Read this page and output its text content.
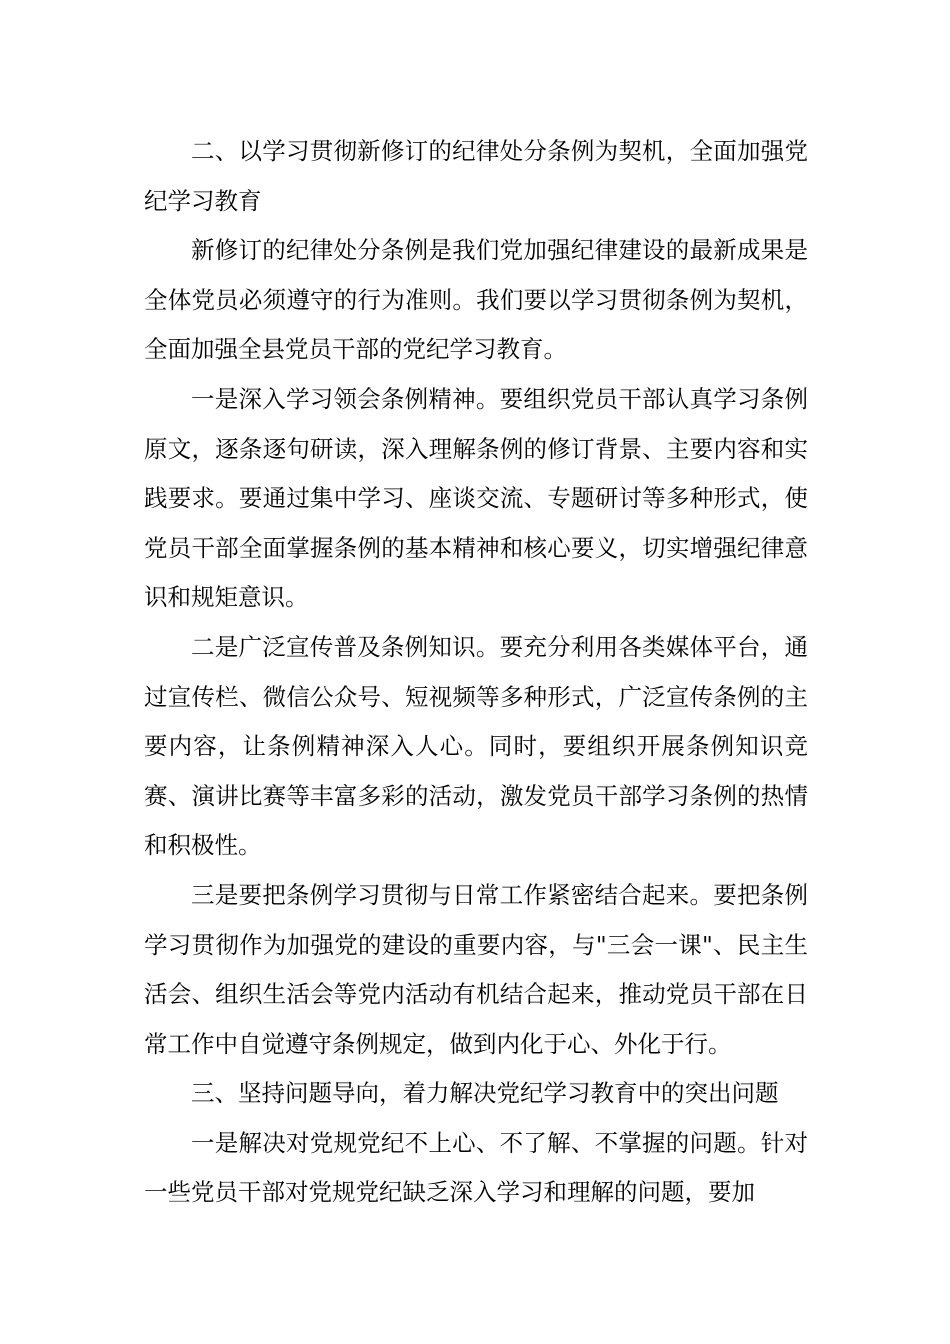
二、以学习贯彻新修订的纪律处分条例为契机，全面加强党纪学习教育

新修订的纪律处分条例是我们党加强纪律建设的最新成果是全体党员必须遵守的行为准则。我们要以学习贯彻条例为契机，全面加强全县党员干部的党纪学习教育。

一是深入学习领会条例精神。要组织党员干部认真学习条例原文，逐条逐句研读，深入理解条例的修订背景、主要内容和实践要求。要通过集中学习、座谈交流、专题研讨等多种形式，使党员干部全面掌握条例的基本精神和核心要义，切实增强纪律意识和规矩意识。

二是广泛宣传普及条例知识。要充分利用各类媒体平台，通过宣传栏、微信公众号、短视频等多种形式，广泛宣传条例的主要内容，让条例精神深入人心。同时，要组织开展条例知识竞赛、演讲比赛等丰富多彩的活动，激发党员干部学习条例的热情和积极性。

三是要把条例学习贯彻与日常工作紧密结合起来。要把条例学习贯彻作为加强党的建设的重要内容，与"三会一课"、民主生活会、组织生活会等党内活动有机结合起来，推动党员干部在日常工作中自觉遵守条例规定，做到内化于心、外化于行。

三、坚持问题导向，着力解决党纪学习教育中的突出问题

一是解决对党规党纪不上心、不了解、不掌握的问题。针对一些党员干部对党规党纪缺乏深入学习和理解的问题，要加
